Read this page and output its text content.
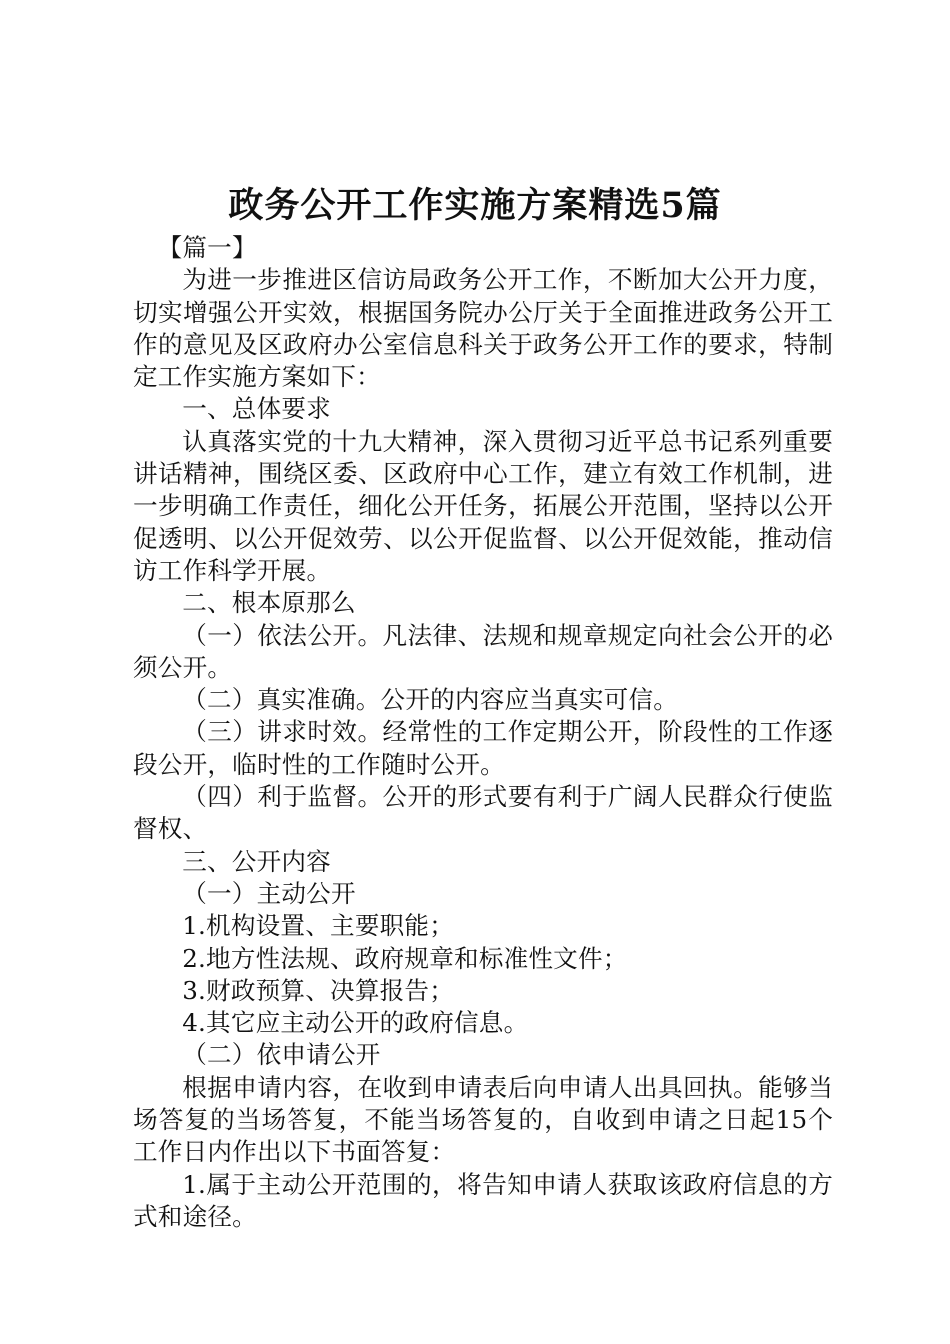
政务公开工作实施方案精选5篇

【篇一】

为进一步推进区信访局政务公开工作，不断加大公开力度，切实增强公开实效，根据国务院办公厅关于全面推进政务公开工作的意见及区政府办公室信息科关于政务公开工作的要求，特制定工作实施方案如下：

一、总体要求

认真落实党的十九大精神，深入贯彻习近平总书记系列重要讲话精神，围绕区委、区政府中心工作，建立有效工作机制，进一步明确工作责任，细化公开任务，拓展公开范围，坚持以公开促透明、以公开促效劳、以公开促监督、以公开促效能，推动信访工作科学开展。

二、根本原那么

（一）依法公开。凡法律、法规和规章规定向社会公开的必须公开。

（二）真实准确。公开的内容应当真实可信。

（三）讲求时效。经常性的工作定期公开，阶段性的工作逐段公开，临时性的工作随时公开。

（四）利于监督。公开的形式要有利于广阔人民群众行使监督权、

三、公开内容

（一）主动公开

1.机构设置、主要职能；

2.地方性法规、政府规章和标准性文件；

3.财政预算、决算报告；

4.其它应主动公开的政府信息。

（二）依申请公开

根据申请内容，在收到申请表后向申请人出具回执。能够当场答复的当场答复，不能当场答复的，自收到申请之日起15个工作日内作出以下书面答复：

1.属于主动公开范围的，将告知申请人获取该政府信息的方式和途径。
